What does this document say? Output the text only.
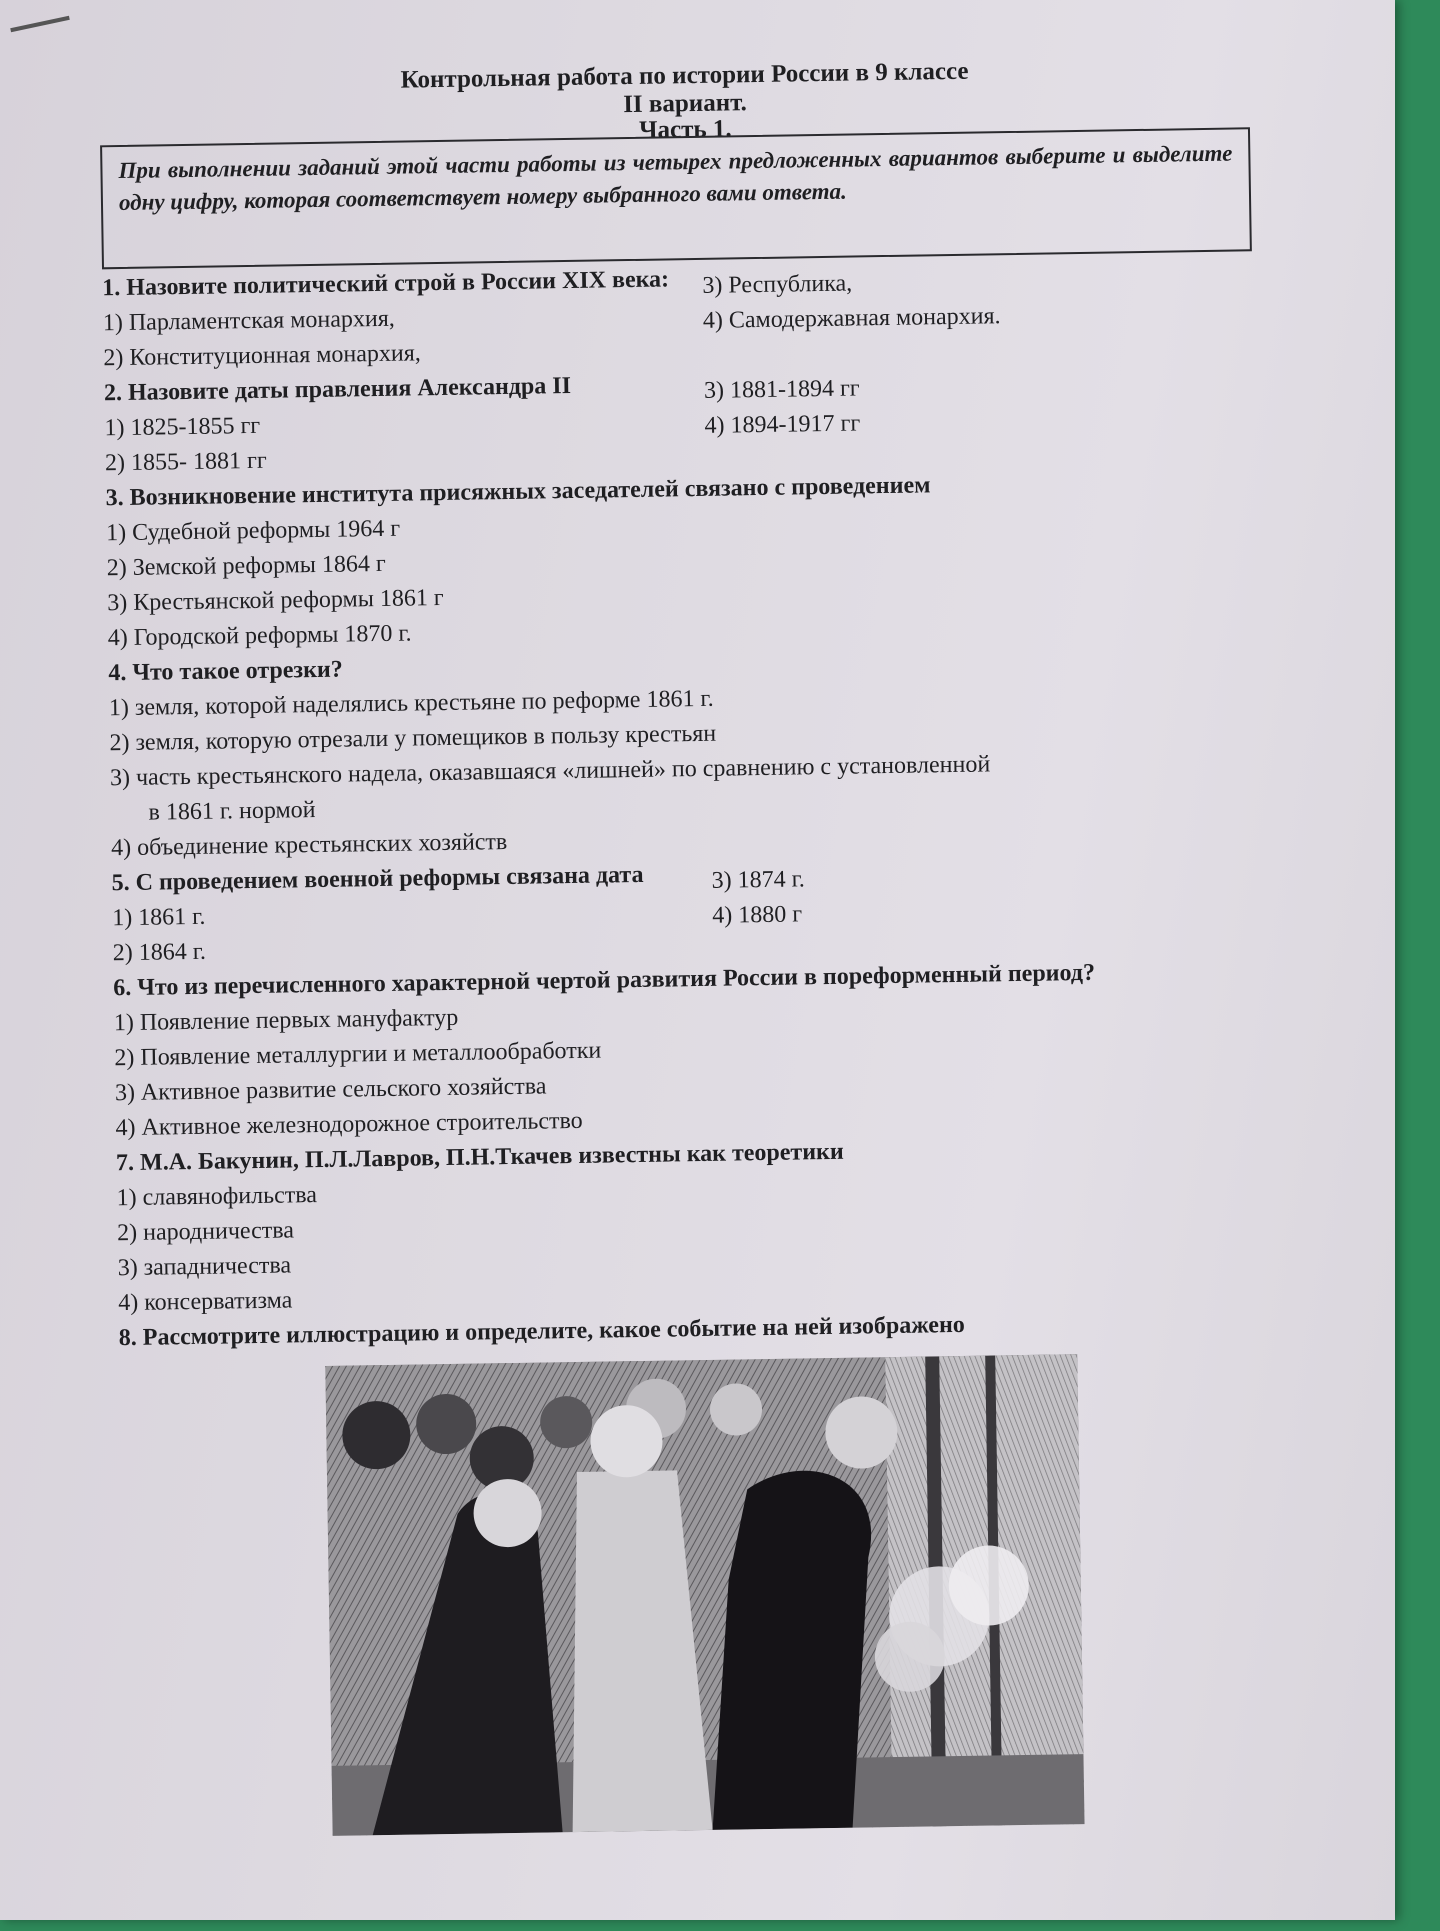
Контрольная работа по истории России в 9 классе
II вариант.
Часть 1.
При выполнении заданий этой части работы из четырех предложенных вариантов выберите и выделите одну цифру, которая соответствует номеру выбранного вами ответа.
1. Назовите политический строй в России XIX века:
1) Парламентская монархия,
2) Конституционная монархия,
3) Республика,
4) Самодержавная монархия.
2. Назовите даты правления Александра II
1) 1825-1855 гг
2) 1855- 1881 гг
3) 1881-1894 гг
4) 1894-1917 гг
3. Возникновение института присяжных заседателей связано с проведением
1) Судебной реформы 1964 г
2) Земской реформы 1864 г
3) Крестьянской реформы 1861 г
4) Городской реформы 1870 г.
4. Что такое отрезки?
1) земля, которой наделялись крестьяне по реформе 1861 г.
2) земля, которую отрезали у помещиков в пользу крестьян
3) часть крестьянского надела, оказавшаяся «лишней» по сравнению с установленной
в 1861 г. нормой
4) объединение крестьянских хозяйств
5. С проведением военной реформы связана дата
1) 1861 г.
2) 1864 г.
3) 1874 г.
4) 1880 г
6. Что из перечисленного характерной чертой развития России в пореформенный период?
1) Появление первых мануфактур
2) Появление металлургии и металлообработки
3) Активное развитие сельского хозяйства
4) Активное железнодорожное строительство
7. М.А. Бакунин, П.Л.Лавров, П.Н.Ткачев известны как теоретики
1) славянофильства
2) народничества
3) западничества
4) консерватизма
8. Рассмотрите иллюстрацию и определите, какое событие на ней изображено
